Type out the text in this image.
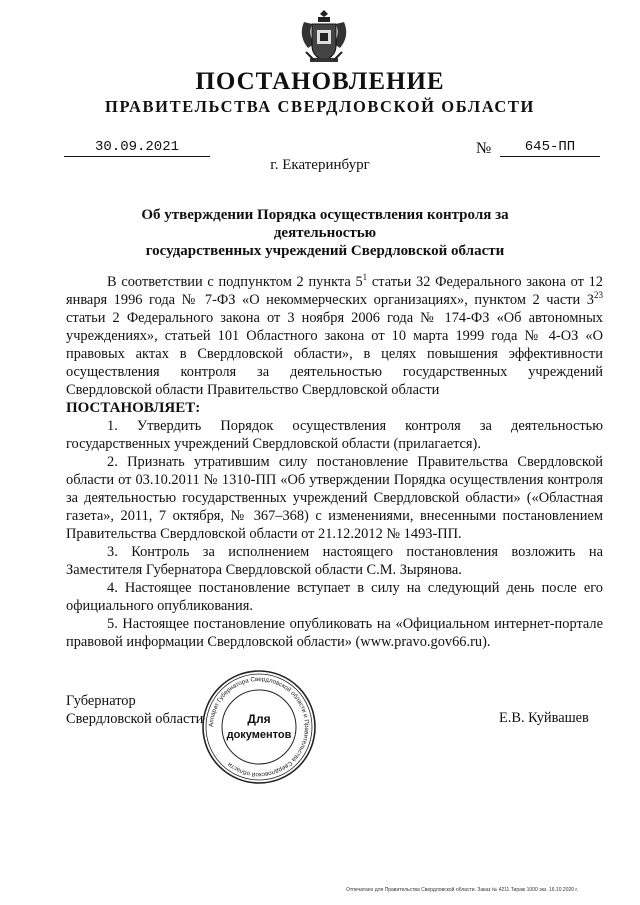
ПОСТАНОВЛЕНИЕ
ПРАВИТЕЛЬСТВА СВЕРДЛОВСКОЙ ОБЛАСТИ
30.09.2021	№	645-ПП
г. Екатеринбург
Об утверждении Порядка осуществления контроля за деятельностью
государственных учреждений Свердловской области

В соответствии с подпунктом 2 пункта $5^1$ статьи 32 Федерального закона от 12 января 1996 года № 7-ФЗ «О некоммерческих организациях», пунктом 2 части $3^{23}$ статьи 2 Федерального закона от 3 ноября 2006 года № 174-ФЗ «Об автономных учреждениях», статьей 101 Областного закона от 10 марта 1999 года № 4-ОЗ «О правовых актах в Свердловской области», в целях повышения эффективности осуществления контроля за деятельностью государственных учреждений Свердловской области Правительство Свердловской области

ПОСТАНОВЛЯЕТ:

1. Утвердить Порядок осуществления контроля за деятельностью государственных учреждений Свердловской области (прилагается).

2. Признать утратившим силу постановление Правительства Свердловской области от 03.10.2011 № 1310-ПП «Об утверждении Порядка осуществления контроля за деятельностью государственных учреждений Свердловской области» («Областная газета», 2011, 7 октября, № 367–368) с изменениями, внесенными постановлением Правительства Свердловской области от 21.12.2012 № 1493-ПП.

3. Контроль за исполнением настоящего постановления возложить на Заместителя Губернатора Свердловской области С.М. Зырянова.

4. Настоящее постановление вступает в силу на следующий день после его официального опубликования.

5. Настоящее постановление опубликовать на «Официальном интернет-портале правовой информации Свердловской области» (www.pravo.gov66.ru).

Губернатор
Свердловской области	Е.В. Куйвашев
Аппарат Губернатора Свердловской области и Правительства Свердловской области
Для
документов
Отпечатано для Правительства Свердловской области. Заказ № 4211 Тираж 1000 экз. 16.10.2020 г.
